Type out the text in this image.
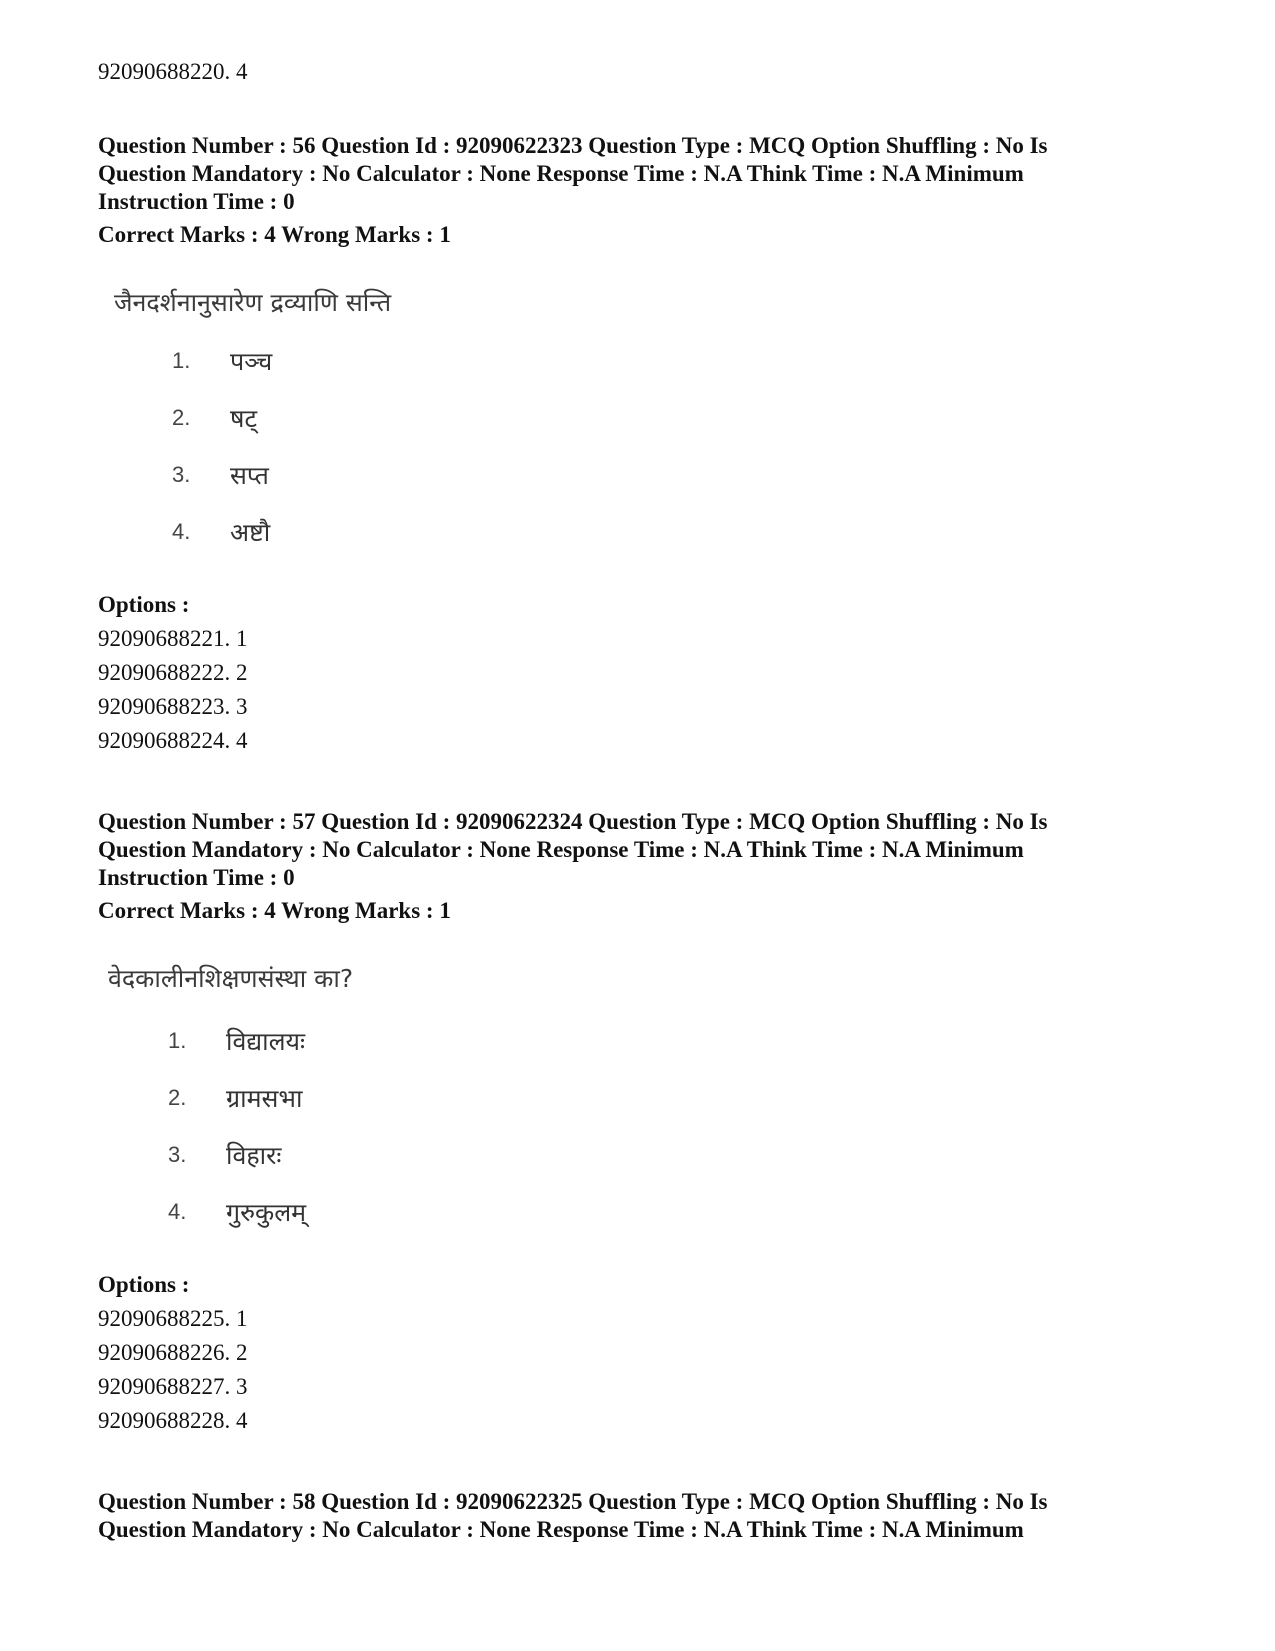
92090688220. 4
Question Number : 56 Question Id : 92090622323 Question Type : MCQ Option Shuffling : No Is
Question Mandatory : No Calculator : None Response Time : N.A Think Time : N.A Minimum
Instruction Time : 0
Correct Marks : 4 Wrong Marks : 1
जैनदर्शनानुसारेण द्रव्याणि सन्ति
1. पञ्च
2. षट्
3. सप्त
4. अष्टौ
Options :
92090688221. 1
92090688222. 2
92090688223. 3
92090688224. 4
Question Number : 57 Question Id : 92090622324 Question Type : MCQ Option Shuffling : No Is
Question Mandatory : No Calculator : None Response Time : N.A Think Time : N.A Minimum
Instruction Time : 0
Correct Marks : 4 Wrong Marks : 1
वेदकालीनशिक्षणसंस्था का?
1. विद्यालयः
2. ग्रामसभा
3. विहारः
4. गुरुकुलम्
Options :
92090688225. 1
92090688226. 2
92090688227. 3
92090688228. 4
Question Number : 58 Question Id : 92090622325 Question Type : MCQ Option Shuffling : No Is
Question Mandatory : No Calculator : None Response Time : N.A Think Time : N.A Minimum
